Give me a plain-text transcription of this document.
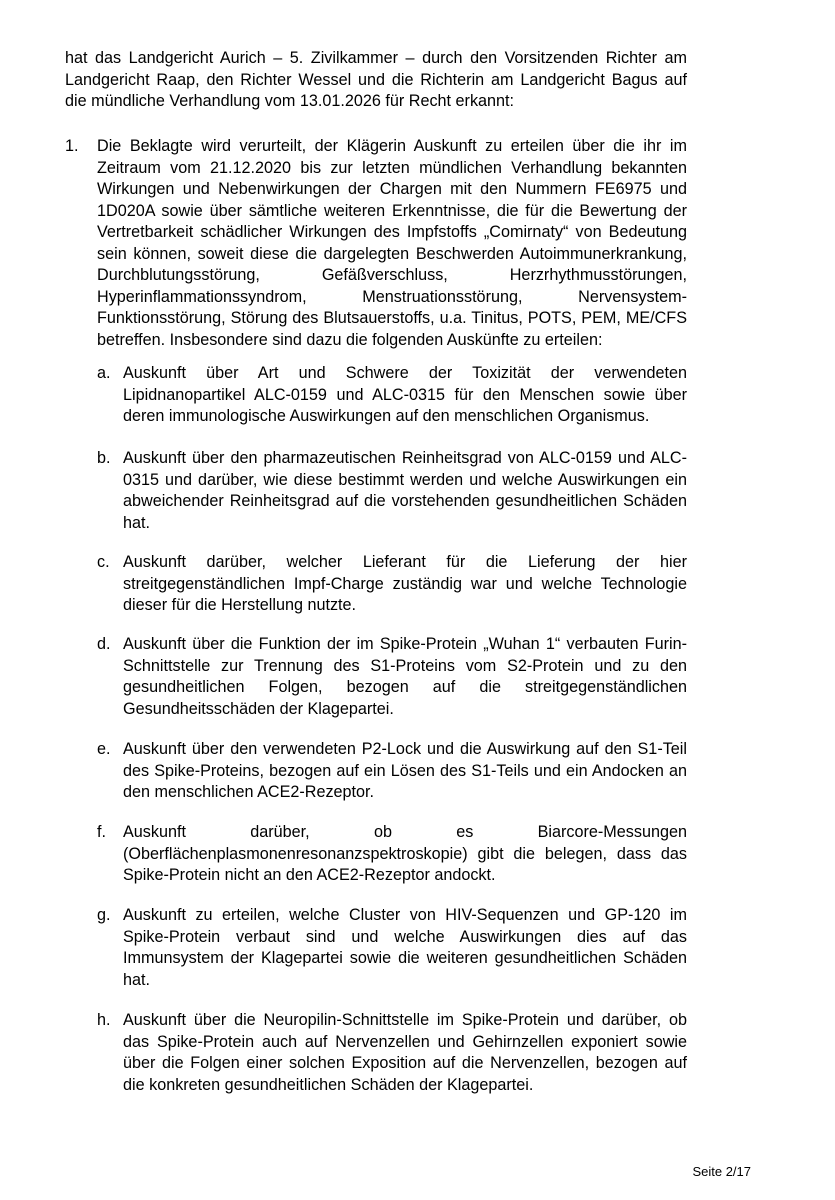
hat das Landgericht Aurich – 5. Zivilkammer – durch den Vorsitzenden Richter am Landgericht Raap, den Richter Wessel und die Richterin am Landgericht Bagus auf die mündliche Verhandlung vom 13.01.2026 für Recht erkannt:

1. Die Beklagte wird verurteilt, der Klägerin Auskunft zu erteilen über die ihr im Zeitraum vom 21.12.2020 bis zur letzten mündlichen Verhandlung bekannten Wirkungen und Nebenwirkungen der Chargen mit den Nummern FE6975 und 1D020A sowie über sämtliche weiteren Erkenntnisse, die für die Bewertung der Vertretbarkeit schädlicher Wirkungen des Impfstoffs „Comirnaty“ von Bedeutung sein können, soweit diese die dargelegten Beschwerden Autoimmunerkrankung, Durchblutungsstörung, Gefäßverschluss, Herzrhythmusstörungen, Hyperinflammationssyndrom, Menstruationsstörung, Nervensystem-Funktionsstörung, Störung des Blutsauerstoffs, u.a. Tinitus, POTS, PEM, ME/CFS betreffen. Insbesondere sind dazu die folgenden Auskünfte zu erteilen:

a. Auskunft über Art und Schwere der Toxizität der verwendeten Lipidnanopartikel ALC-0159 und ALC-0315 für den Menschen sowie über deren immunologische Auswirkungen auf den menschlichen Organismus.

b. Auskunft über den pharmazeutischen Reinheitsgrad von ALC-0159 und ALC-0315 und darüber, wie diese bestimmt werden und welche Auswirkungen ein abweichender Reinheitsgrad auf die vorstehenden gesundheitlichen Schäden hat.

c. Auskunft darüber, welcher Lieferant für die Lieferung der hier streitgegenständlichen Impf-Charge zuständig war und welche Technologie dieser für die Herstellung nutzte.

d. Auskunft über die Funktion der im Spike-Protein „Wuhan 1“ verbauten Furin-Schnittstelle zur Trennung des S1-Proteins vom S2-Protein und zu den gesundheitlichen Folgen, bezogen auf die streitgegenständlichen Gesundheitsschäden der Klagepartei.

e. Auskunft über den verwendeten P2-Lock und die Auswirkung auf den S1-Teil des Spike-Proteins, bezogen auf ein Lösen des S1-Teils und ein Andocken an den menschlichen ACE2-Rezeptor.

f. Auskunft darüber, ob es Biarcore-Messungen (Oberflächenplasmonenresonanzspektroskopie) gibt die belegen, dass das Spike-Protein nicht an den ACE2-Rezeptor andockt.

g. Auskunft zu erteilen, welche Cluster von HIV-Sequenzen und GP-120 im Spike-Protein verbaut sind und welche Auswirkungen dies auf das Immunsystem der Klagepartei sowie die weiteren gesundheitlichen Schäden hat.

h. Auskunft über die Neuropilin-Schnittstelle im Spike-Protein und darüber, ob das Spike-Protein auch auf Nervenzellen und Gehirnzellen exponiert sowie über die Folgen einer solchen Exposition auf die Nervenzellen, bezogen auf die konkreten gesundheitlichen Schäden der Klagepartei.

Seite 2/17
